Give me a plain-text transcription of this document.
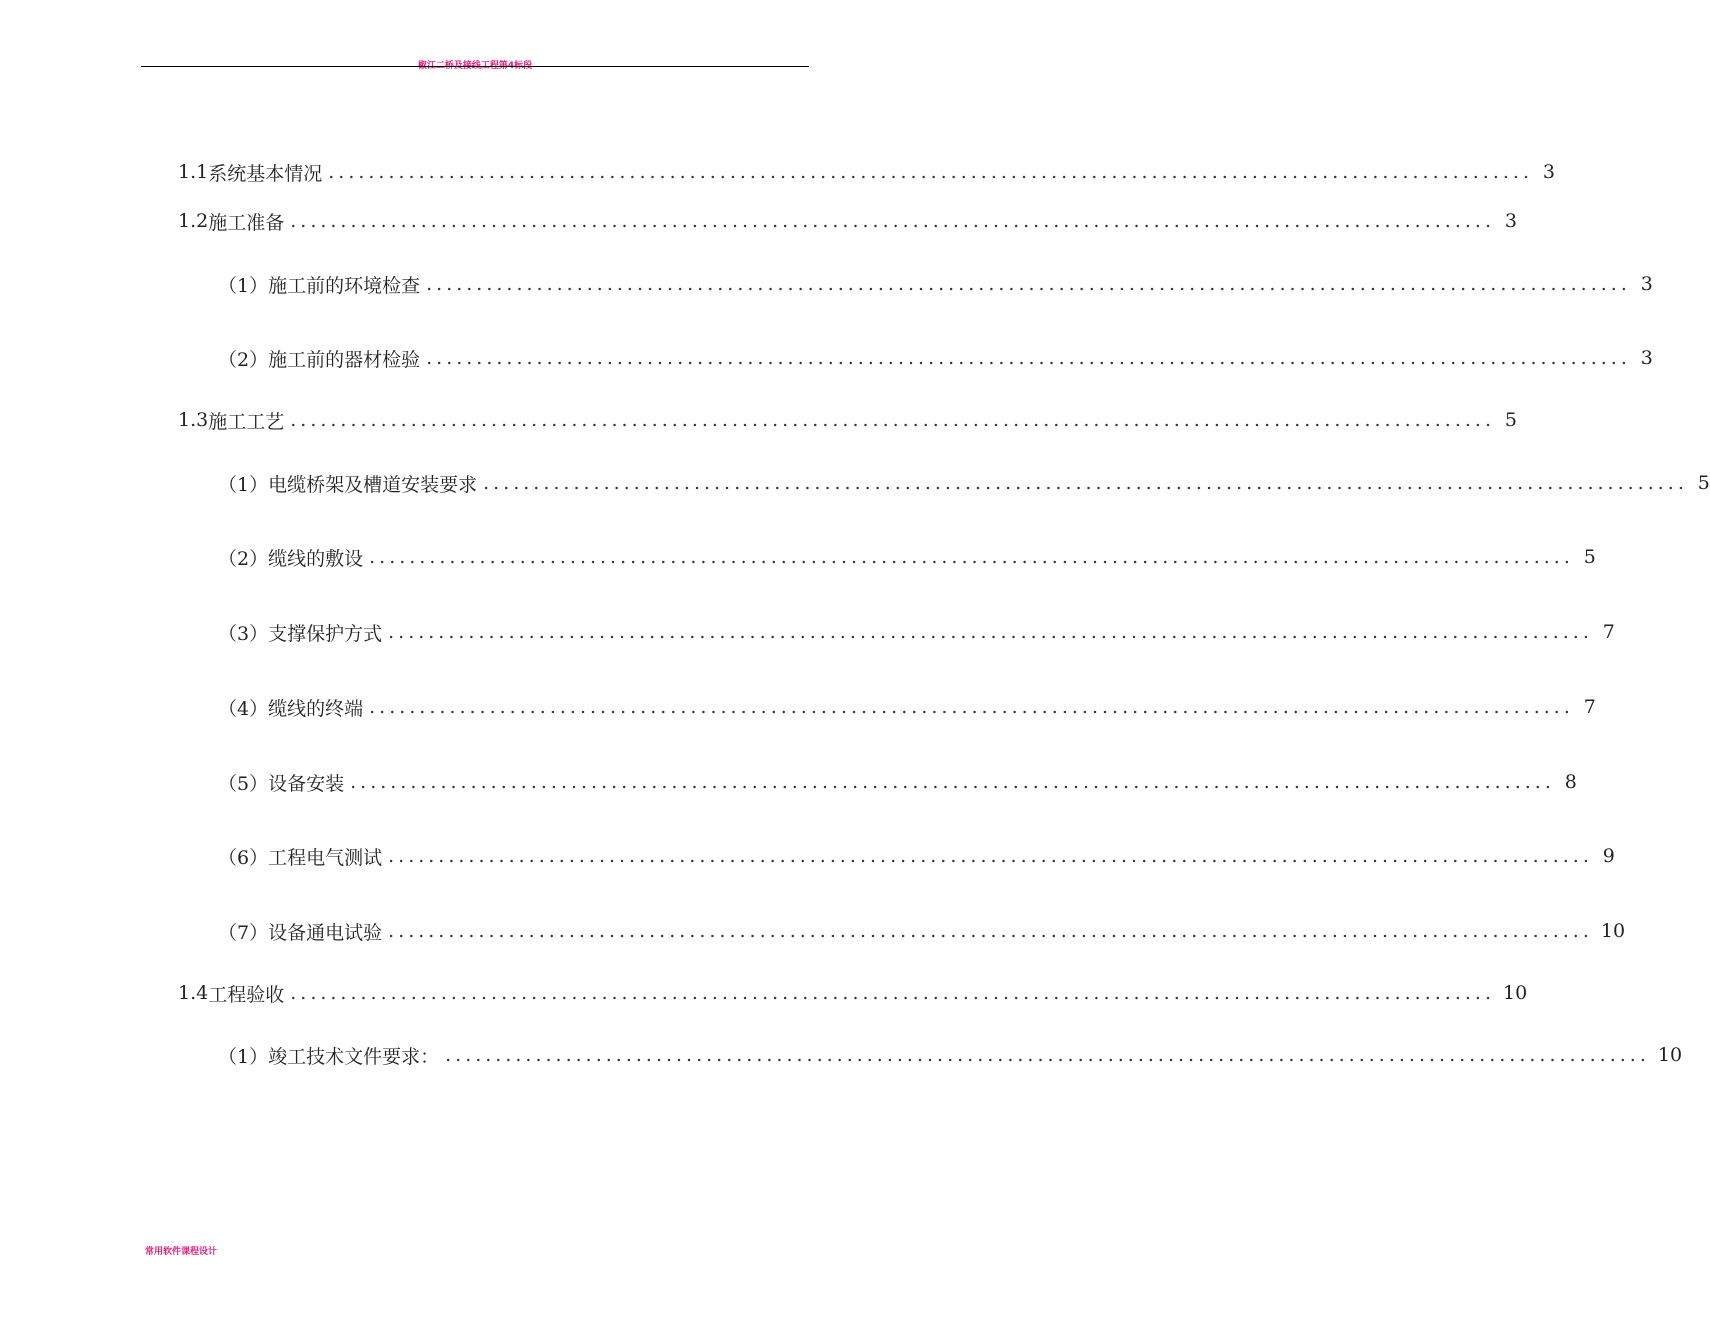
椒江二桥及接线工程第4标段
1.1 系统基本情况 ........................................................................................................................ 3
1.2 施工准备 ........................................................................................................................ 3
（1） 施工前的环境检查 ........................................................................................................................ 3
（2） 施工前的器材检验 ........................................................................................................................ 3
1.3 施工工艺 ........................................................................................................................ 5
（1） 电缆桥架及槽道安装要求 ........................................................................................................................ 5
（2） 缆线的敷设 ........................................................................................................................ 5
（3） 支撑保护方式 ........................................................................................................................ 7
（4） 缆线的终端 ........................................................................................................................ 7
（5） 设备安装 ........................................................................................................................ 8
（6） 工程电气测试 ........................................................................................................................ 9
（7） 设备通电试验 ........................................................................................................................ 10
1.4 工程验收 ........................................................................................................................ 10
（1） 竣工技术文件要求： ........................................................................................................................ 10
常用软件课程设计
